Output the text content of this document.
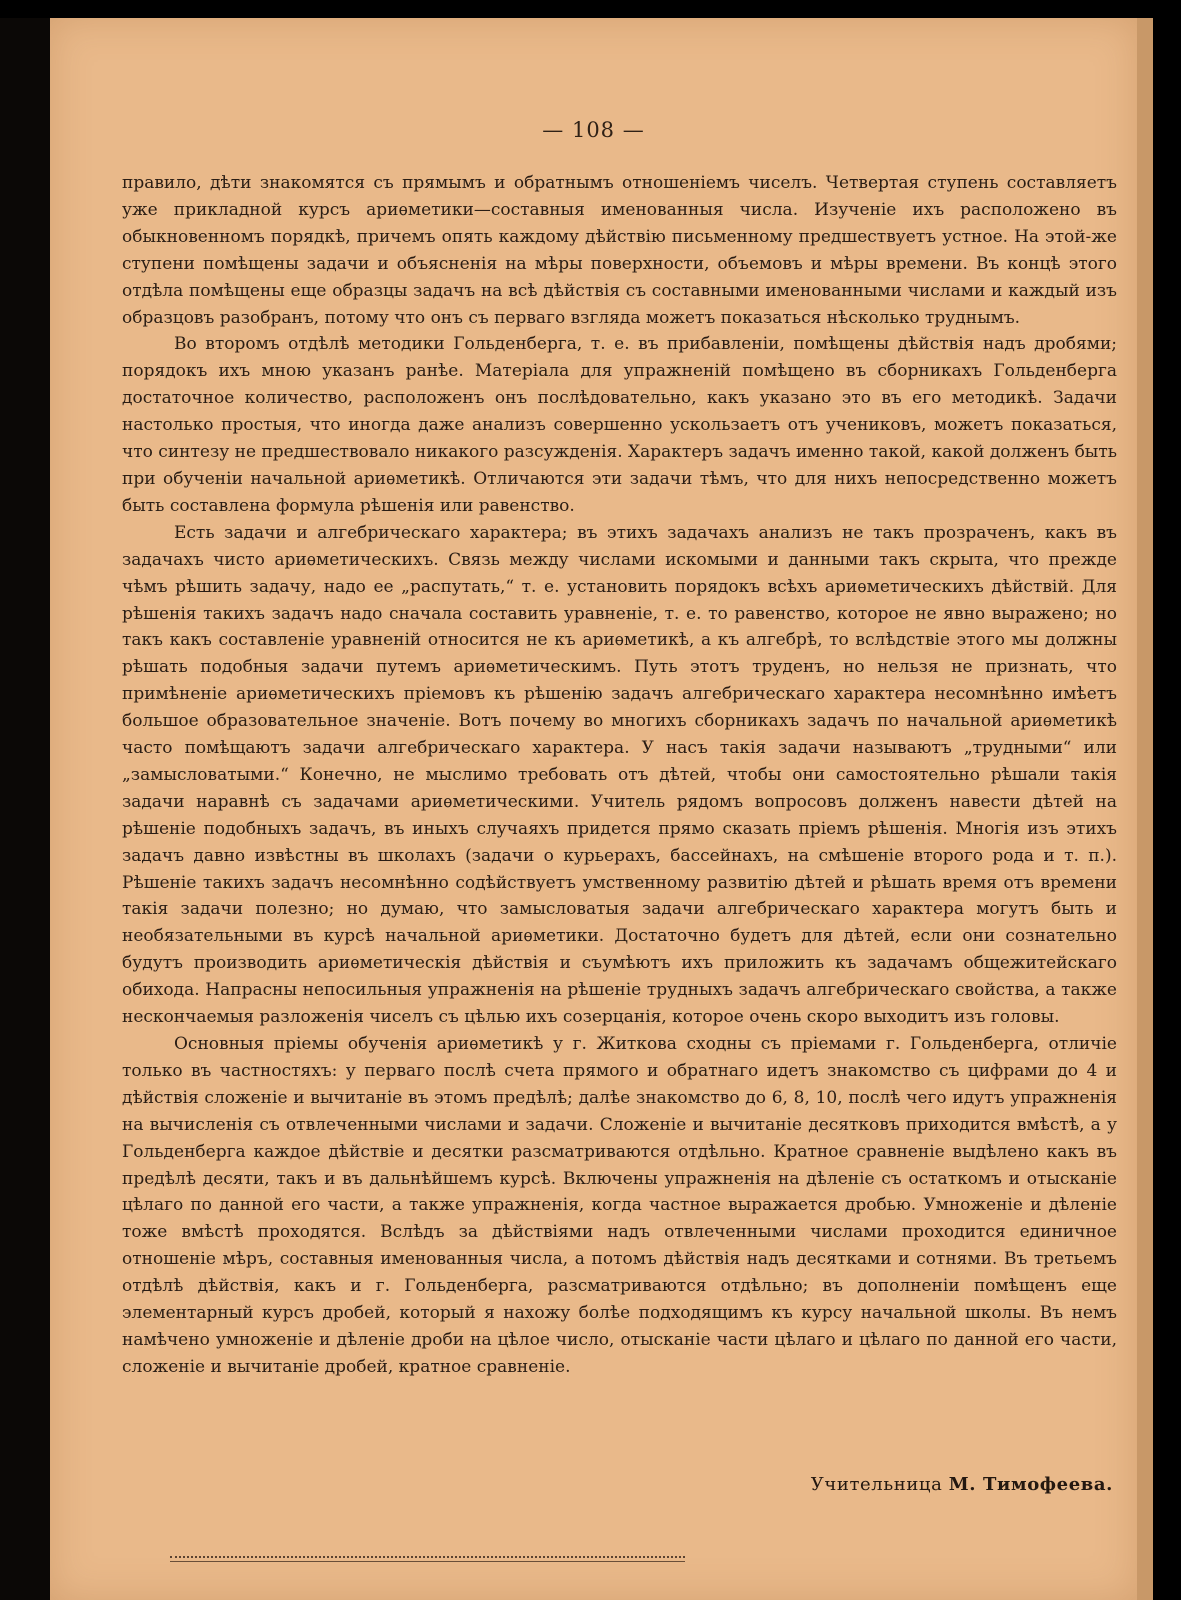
— 108 —

правило, дѣти знакомятся съ прямымъ и обратнымъ отношеніемъ чиселъ. Четвертая ступень составляетъ уже прикладной курсъ ариѳметики—составныя именованныя числа. Изученіе ихъ расположено въ обыкновенномъ порядкѣ, причемъ опять каждому дѣйствію письменному предшествуетъ устное. На этой-же ступени помѣщены задачи и объясненія на мѣры поверхности, объемовъ и мѣры времени. Въ концѣ этого отдѣла помѣщены еще образцы задачъ на всѣ дѣйствія съ составными именованными числами и каждый изъ образцовъ разобранъ, потому что онъ съ перваго взгляда можетъ показаться нѣсколько труднымъ.

Во второмъ отдѣлѣ методики Гольденберга, т. е. въ прибавленіи, помѣщены дѣйствія надъ дробями; порядокъ ихъ мною указанъ ранѣе. Матеріала для упражненій помѣщено въ сборникахъ Гольденберга достаточное количество, расположенъ онъ послѣдовательно, какъ указано это въ его методикѣ. Задачи настолько простыя, что иногда даже анализъ совершенно ускользаетъ отъ учениковъ, можетъ показаться, что синтезу не предшествовало никакого разсужденія. Характеръ задачъ именно такой, какой долженъ быть при обученіи начальной ариѳметикѣ. Отличаются эти задачи тѣмъ, что для нихъ непосредственно можетъ быть составлена формула рѣшенія или равенство.

Есть задачи и алгебрическаго характера; въ этихъ задачахъ анализъ не такъ прозраченъ, какъ въ задачахъ чисто ариѳметическихъ. Связь между числами искомыми и данными такъ скрыта, что прежде чѣмъ рѣшить задачу, надо ее „распутать,“ т. е. установить порядокъ всѣхъ ариѳметическихъ дѣйствій. Для рѣшенія такихъ задачъ надо сначала составить уравненіе, т. е. то равенство, которое не явно выражено; но такъ какъ составленіе уравненій относится не къ ариѳметикѣ, а къ алгебрѣ, то вслѣдствіе этого мы должны рѣшать подобныя задачи путемъ ариѳметическимъ. Путь этотъ труденъ, но нельзя не признать, что примѣненіе ариѳметическихъ пріемовъ къ рѣшенію задачъ алгебрическаго характера несомнѣнно имѣетъ большое образовательное значеніе. Вотъ почему во многихъ сборникахъ задачъ по начальной ариѳметикѣ часто помѣщаютъ задачи алгебрическаго характера. У насъ такія задачи называютъ „трудными“ или „замысловатыми.“ Конечно, не мыслимо требовать отъ дѣтей, чтобы они самостоятельно рѣшали такія задачи наравнѣ съ задачами ариѳметическими. Учитель рядомъ вопросовъ долженъ навести дѣтей на рѣшеніе подобныхъ задачъ, въ иныхъ случаяхъ придется прямо сказать пріемъ рѣшенія. Многія изъ этихъ задачъ давно извѣстны въ школахъ (задачи о курьерахъ, бассейнахъ, на смѣшеніе второго рода и т. п.). Рѣшеніе такихъ задачъ несомнѣнно содѣйствуетъ умственному развитію дѣтей и рѣшать время отъ времени такія задачи полезно; но думаю, что замысловатыя задачи алгебрическаго характера могутъ быть и необязательными въ курсѣ начальной ариѳметики. Достаточно будетъ для дѣтей, если они сознательно будутъ производить ариѳметическія дѣйствія и съумѣютъ ихъ приложить къ задачамъ общежитейскаго обихода. Напрасны непосильныя упражненія на рѣшеніе трудныхъ задачъ алгебрическаго свойства, а также нескончаемыя разложенія чиселъ съ цѣлью ихъ созерцанія, которое очень скоро выходитъ изъ головы.

Основныя пріемы обученія ариѳметикѣ у г. Житкова сходны съ пріемами г. Гольденберга, отличіе только въ частностяхъ: у перваго послѣ счета прямого и обратнаго идетъ знакомство съ цифрами до 4 и дѣйствія сложеніе и вычитаніе въ этомъ предѣлѣ; далѣе знакомство до 6, 8, 10, послѣ чего идутъ упражненія на вычисленія съ отвлеченными числами и задачи. Сложеніе и вычитаніе десятковъ приходится вмѣстѣ, а у Гольденберга каждое дѣйствіе и десятки разсматриваются отдѣльно. Кратное сравненіе выдѣлено какъ въ предѣлѣ десяти, такъ и въ дальнѣйшемъ курсѣ. Включены упражненія на дѣленіе съ остаткомъ и отысканіе цѣлаго по данной его части, а также упражненія, когда частное выражается дробью. Умноженіе и дѣленіе тоже вмѣстѣ проходятся. Вслѣдъ за дѣйствіями надъ отвлеченными числами проходится единичное отношеніе мѣръ, составныя именованныя числа, а потомъ дѣйствія надъ десятками и сотнями. Въ третьемъ отдѣлѣ дѣйствія, какъ и г. Гольденберга, разсматриваются отдѣльно; въ дополненіи помѣщенъ еще элементарный курсъ дробей, который я нахожу болѣе подходящимъ къ курсу начальной школы. Въ немъ намѣчено умноженіе и дѣленіе дроби на цѣлое число, отысканіе части цѣлаго и цѣлаго по данной его части, сложеніе и вычитаніе дробей, кратное сравненіе.

Учительница М. Тимофеева.
